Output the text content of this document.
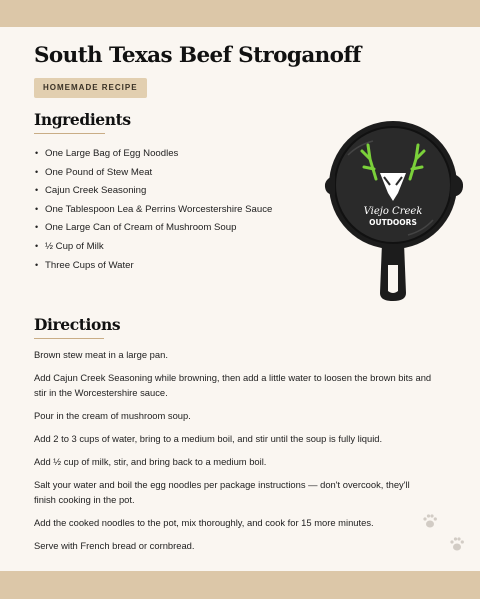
South Texas Beef Stroganoff
HOMEMADE RECIPE
Ingredients
• One Large Bag of Egg Noodles
• One Pound of Stew Meat
• Cajun Creek Seasoning
• One Tablespoon Lea & Perrins Worcestershire Sauce
• One Large Can of Cream of Mushroom Soup
• ½ Cup of Milk
• Three Cups of Water
Viejo Creek
OUTDOORS
Directions

Brown stew meat in a large pan.

Add Cajun Creek Seasoning while browning, then add a little water to loosen the brown bits and stir in the Worcestershire sauce.

Pour in the cream of mushroom soup.

Add 2 to 3 cups of water, bring to a medium boil, and stir until the soup is fully liquid.

Add ½ cup of milk, stir, and bring back to a medium boil.

Salt your water and boil the egg noodles per package instructions — don't overcook, they'll finish cooking in the pot.

Add the cooked noodles to the pot, mix thoroughly, and cook for 15 more minutes.

Serve with French bread or cornbread.
